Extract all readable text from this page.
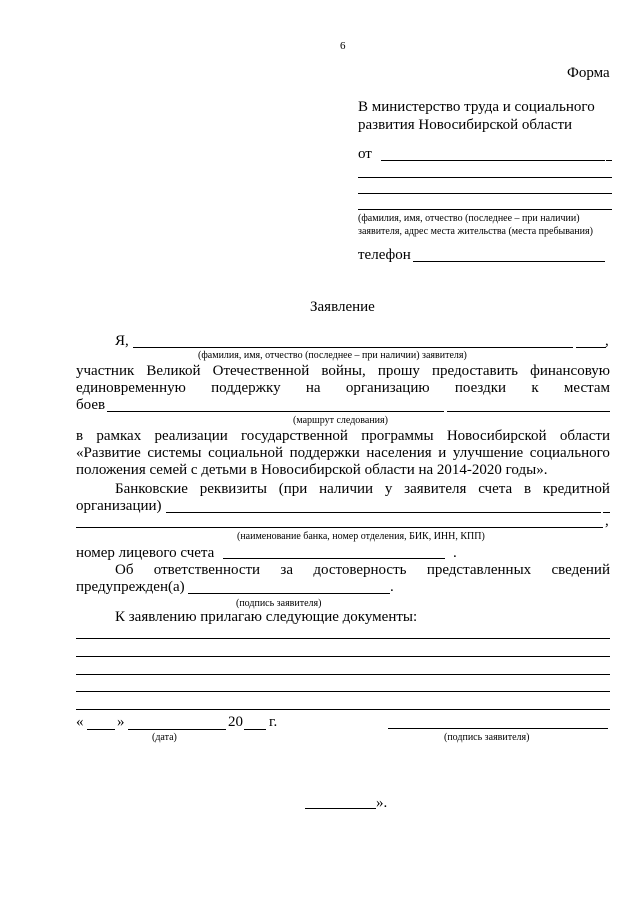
6
Форма
В министерство труда и социального
развития Новосибирской области
от
(фамилия, имя, отчество (последнее – при наличии)
заявителя, адрес места жительства (места пребывания)
телефон
Заявление
Я,	,
(фамилия, имя, отчество (последнее – при наличии) заявителя)
участник Великой Отечественной войны, прошу предоставить финансовую
единовременную поддержку на организацию поездки к местам
боев
(маршрут следования)
в рамках реализации государственной программы Новосибирской области
«Развитие системы социальной поддержки населения и улучшение социального
положения семей с детьми в Новосибирской области на 2014-2020 годы».
Банковские реквизиты (при наличии у заявителя счета в кредитной
организации)
,
(наименование банка, номер отделения, БИК, ИНН, КПП)
номер лицевого счета	.
Об ответственности за достоверность представленных сведений
предупрежден(а)	.
(подпись заявителя)
К заявлению прилагаю следующие документы:
« »	20 г.
(дата)	(подпись заявителя)
».
